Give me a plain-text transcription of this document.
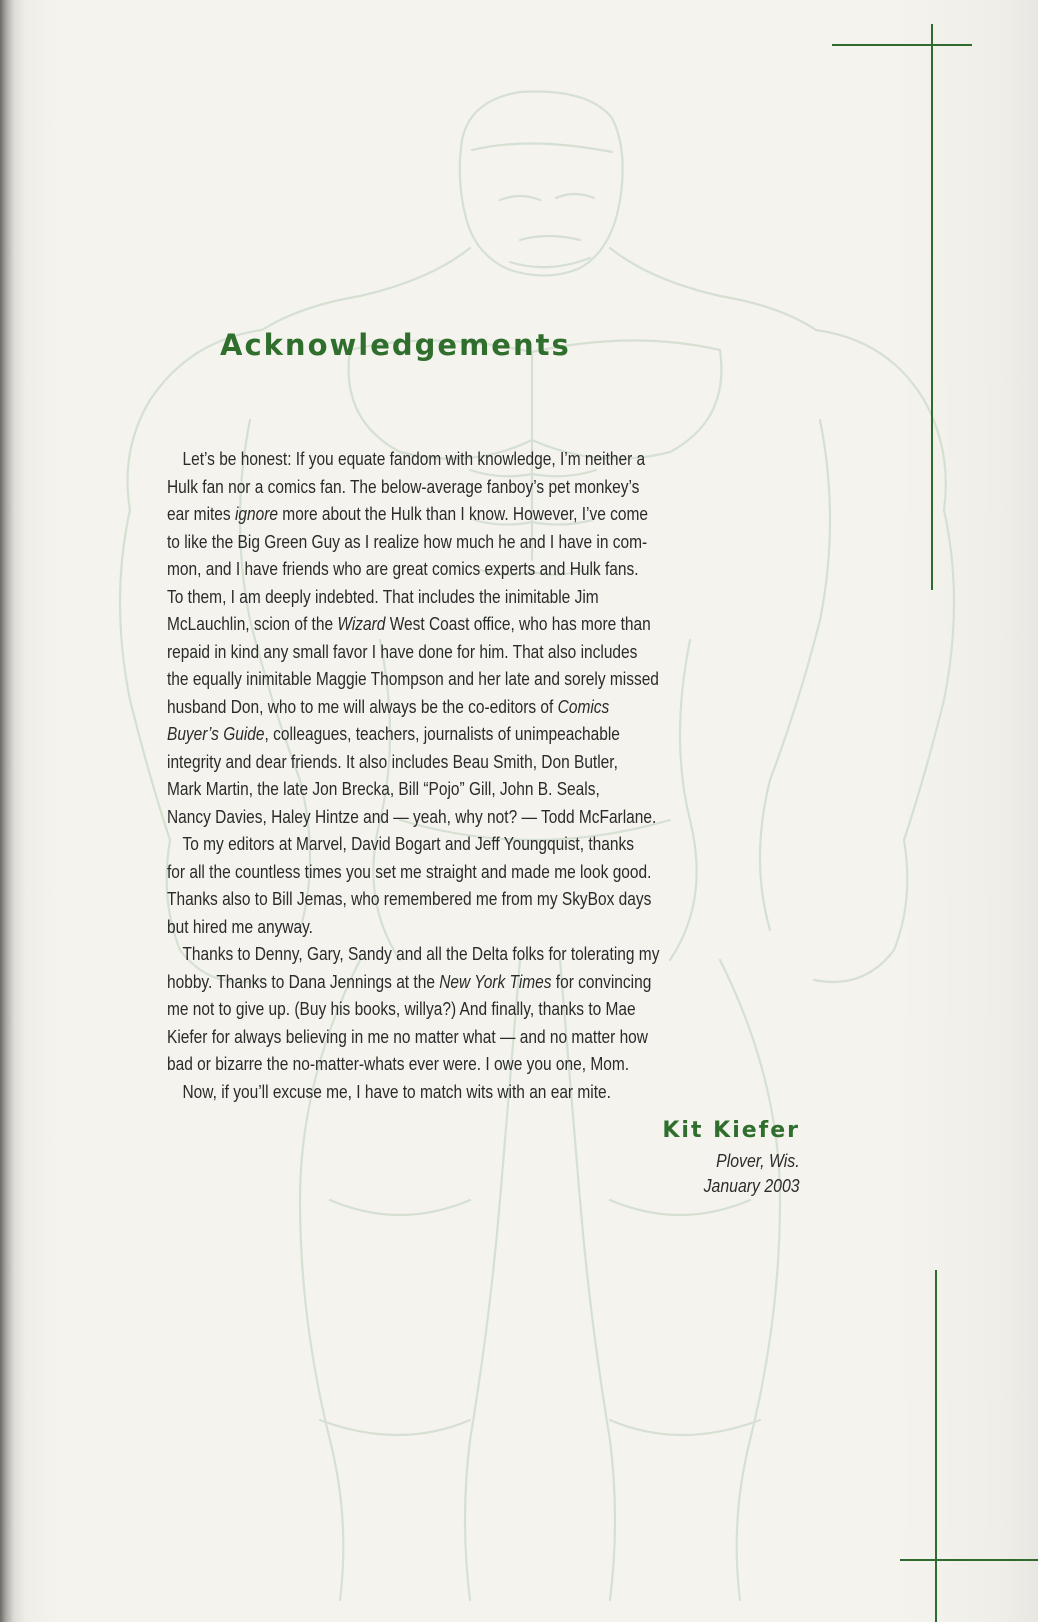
Acknowledgements

Let’s be honest: If you equate fandom with knowledge, I’m neither a
Hulk fan nor a comics fan. The below-average fanboy’s pet monkey’s
ear mites ignore more about the Hulk than I know. However, I’ve come
to like the Big Green Guy as I realize how much he and I have in com-
mon, and I have friends who are great comics experts and Hulk fans.
To them, I am deeply indebted. That includes the inimitable Jim
McLauchlin, scion of the Wizard West Coast office, who has more than
repaid in kind any small favor I have done for him. That also includes
the equally inimitable Maggie Thompson and her late and sorely missed
husband Don, who to me will always be the co-editors of Comics
Buyer’s Guide, colleagues, teachers, journalists of unimpeachable
integrity and dear friends. It also includes Beau Smith, Don Butler,
Mark Martin, the late Jon Brecka, Bill “Pojo” Gill, John B. Seals,
Nancy Davies, Haley Hintze and — yeah, why not? — Todd McFarlane.

To my editors at Marvel, David Bogart and Jeff Youngquist, thanks
for all the countless times you set me straight and made me look good.
Thanks also to Bill Jemas, who remembered me from my SkyBox days
but hired me anyway.

Thanks to Denny, Gary, Sandy and all the Delta folks for tolerating my
hobby. Thanks to Dana Jennings at the New York Times for convincing
me not to give up. (Buy his books, willya?) And finally, thanks to Mae
Kiefer for always believing in me no matter what — and no matter how
bad or bizarre the no-matter-whats ever were. I owe you one, Mom.

Now, if you’ll excuse me, I have to match wits with an ear mite.

Kit Kiefer
Plover, Wis.
January 2003
